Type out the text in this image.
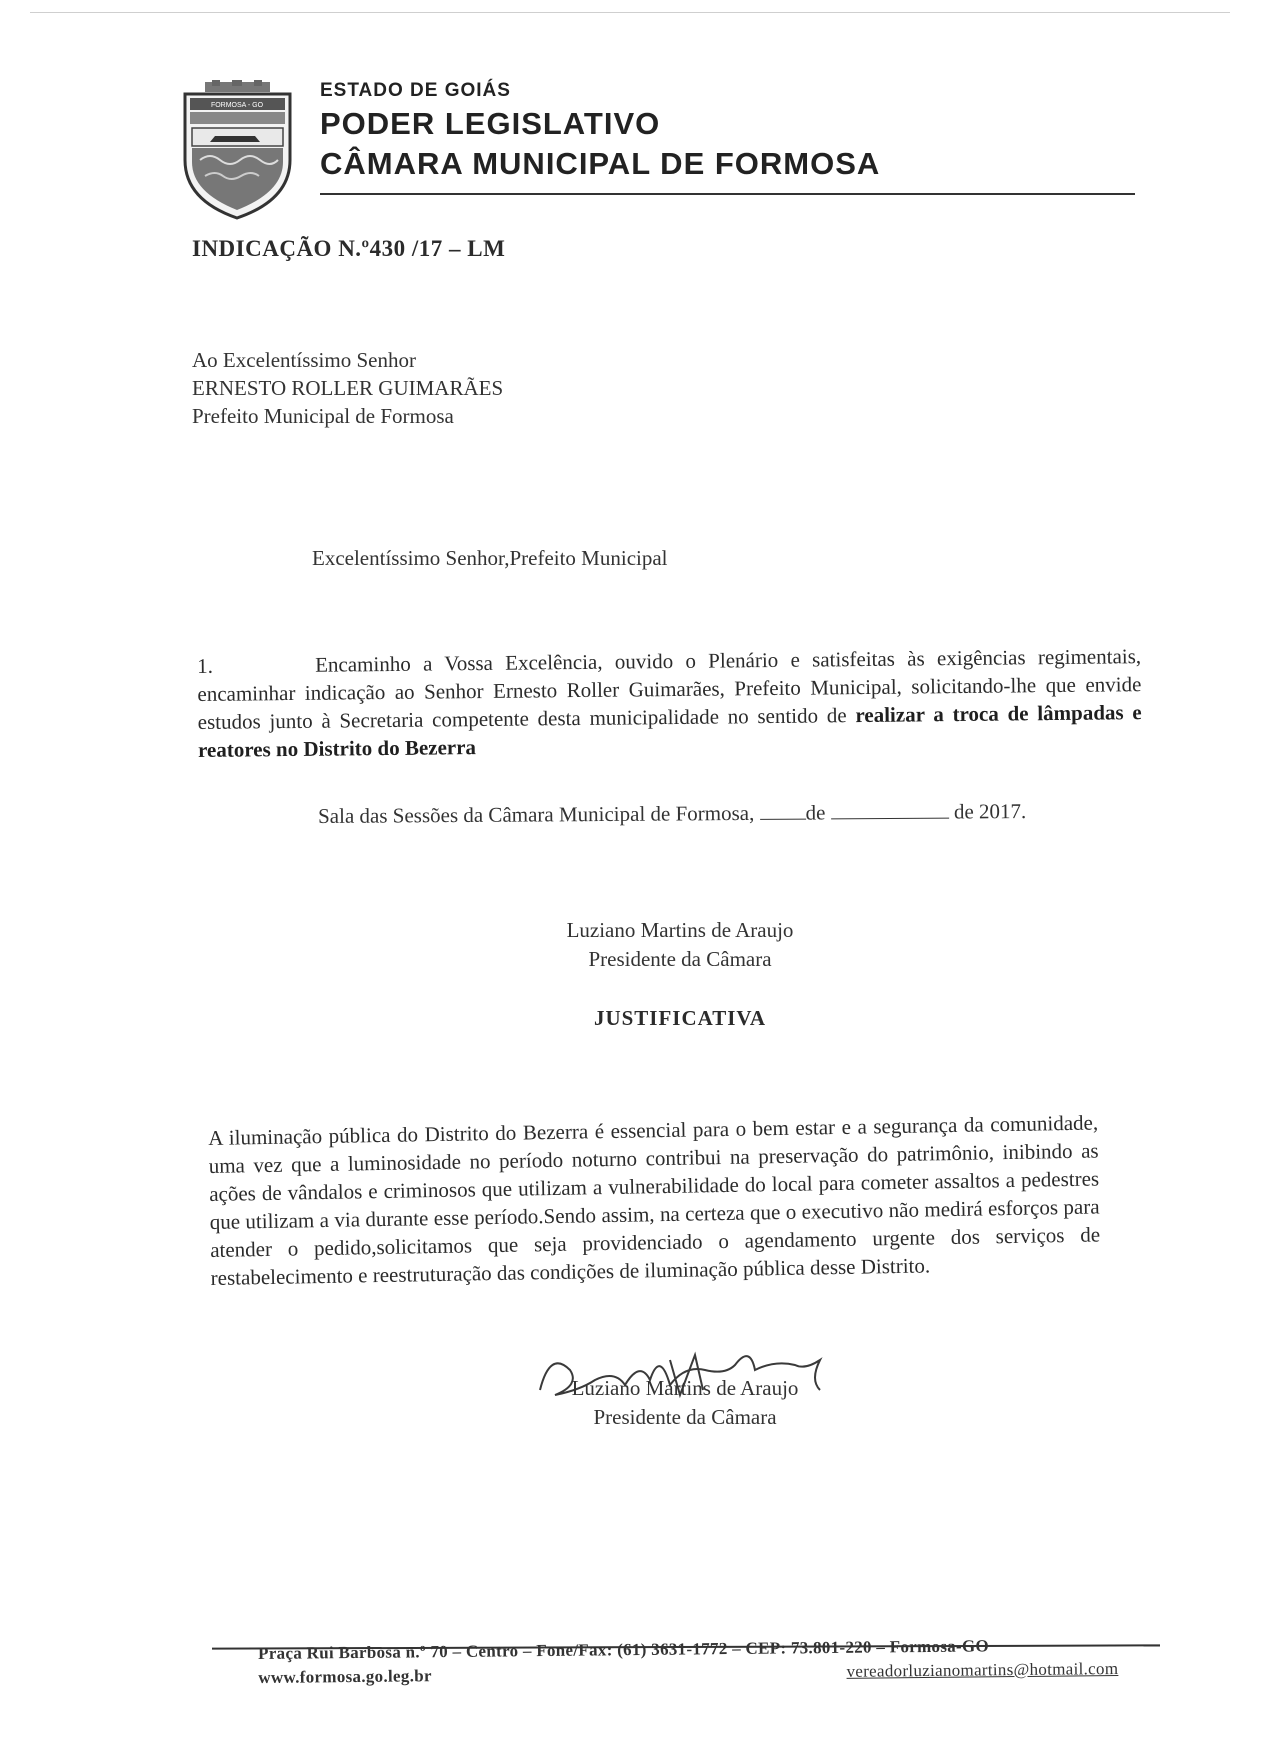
FORMOSA - GO

ESTADO DE GOIÁS

PODER LEGISLATIVO

CÂMARA MUNICIPAL DE FORMOSA

INDICAÇÃO N.º430 /17 – LM
Ao Excelentíssimo Senhor
ERNESTO ROLLER GUIMARÃES
Prefeito Municipal de Formosa
Excelentíssimo Senhor,Prefeito Municipal
1.	Encaminho a Vossa Excelência, ouvido o Plenário e satisfeitas às exigências regimentais, encaminhar indicação ao Senhor Ernesto Roller Guimarães, Prefeito Municipal, solicitando-lhe que envide estudos junto à Secretaria competente desta municipalidade no sentido de realizar a troca de lâmpadas e reatores no Distrito do Bezerra
Sala das Sessões da Câmara Municipal de Formosa, de	de 2017.
Luziano Martins de Araujo
Presidente da Câmara
JUSTIFICATIVA
A iluminação pública do Distrito do Bezerra é essencial para o bem estar e a segurança da comunidade, uma vez que a luminosidade no período noturno contribui na preservação do patrimônio, inibindo as ações de vândalos e criminosos que utilizam a vulnerabilidade do local para cometer assaltos a pedestres que utilizam a via durante esse período.Sendo assim, na certeza que o executivo não medirá esforços para atender o pedido,solicitamos que seja providenciado o agendamento urgente dos serviços de restabelecimento e reestruturação das condições de iluminação pública desse Distrito.
Luziano Martins de Araujo
Presidente da Câmara
Praça Rui Barbosa n.º 70 – Centro – Fone/Fax: (61) 3631-1772 – CEP: 73.801-220 – Formosa-GO
www.formosa.go.leg.br	vereadorluzianomartins@hotmail.com
